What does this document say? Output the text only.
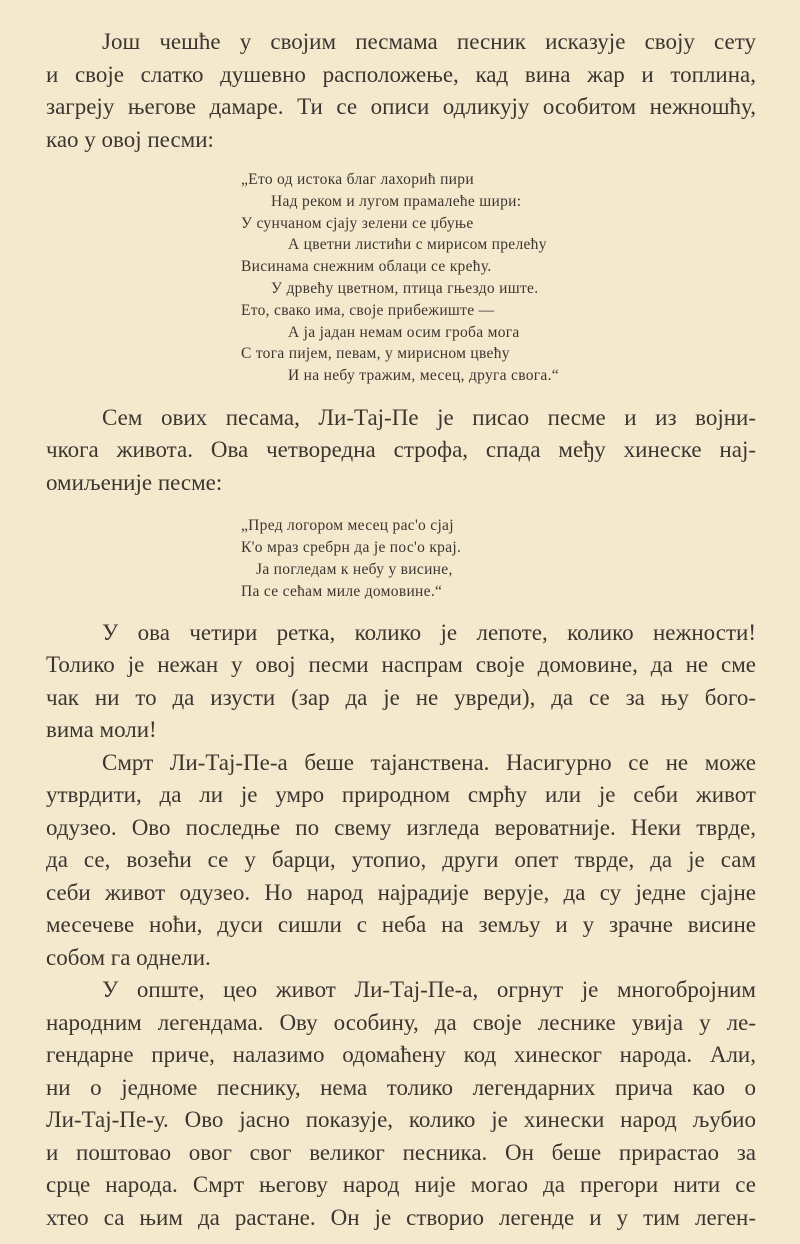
Још чешће у својим песмама песник исказује своју сету

и своје слатко душевно расположење, кад вина жар и топлина,

загреју његове дамаре. Ти се описи одликују особитом нежношћу,

као у овој песми:

„Ето од истока благ лахорић пири
Над реком и лугом прамалеће шири:
У сунчаном сјају зелени се џбуње
А цветни листићи с мирисом прелећу
Висинама снежним облаци се крећу.
У дрвећу цветном, птица гњездо иште.
Ето, свако има, своје прибежиште —
А ја јадан немам осим гроба мога
С тога пијем, певам, у мирисном цвећу
И на небу тражим, месец, друга свога.“

Сем ових песама, Ли-Тај-Пе је писао песме и из војни-

чкога живота. Ова четворедна строфа, спада међу хинеске нај-

омиљеније песме:

„Пред логором месец рас'о сјај
К'о мраз сребрн да је пос'о крај.
Ја погледам к небу у висине,
Па се сећам миле домовине.“

У ова четири ретка, колико је лепоте, колико нежности!

Толико је нежан у овој песми наспрам своје домовине, да не сме

чак ни то да изусти (зар да је не увреди), да се за њу бого-

вима моли!

Смрт Ли-Тај-Пе-а беше тајанствена. Насигурно се не може

утврдити, да ли је умро природном смрћу или је себи живот

одузео. Ово последње по свему изгледа вероватније. Неки тврде,

да се, возећи се у барци, утопио, други опет тврде, да је сам

себи живот одузео. Но народ најрадије верује, да су једне сјајне

месечеве ноћи, дуси сишли с неба на земљу и у зрачне висине

собом га однели.

У опште, цео живот Ли-Тај-Пе-а, огрнут је многобројним

народним легендама. Ову особину, да своје леснике увија у ле-

гендарне приче, налазимо одомаћену код хинеског народа. Али,

ни о једноме песнику, нема толико легендарних прича као о

Ли-Тај-Пе-у. Ово јасно показује, колико је хинески народ љубио

и поштовао овог свог великог песника. Он беше прирастао за

срце народа. Смрт његову народ није могао да прегори нити се

хтео са њим да растане. Он је створио легенде и у тим леген-
